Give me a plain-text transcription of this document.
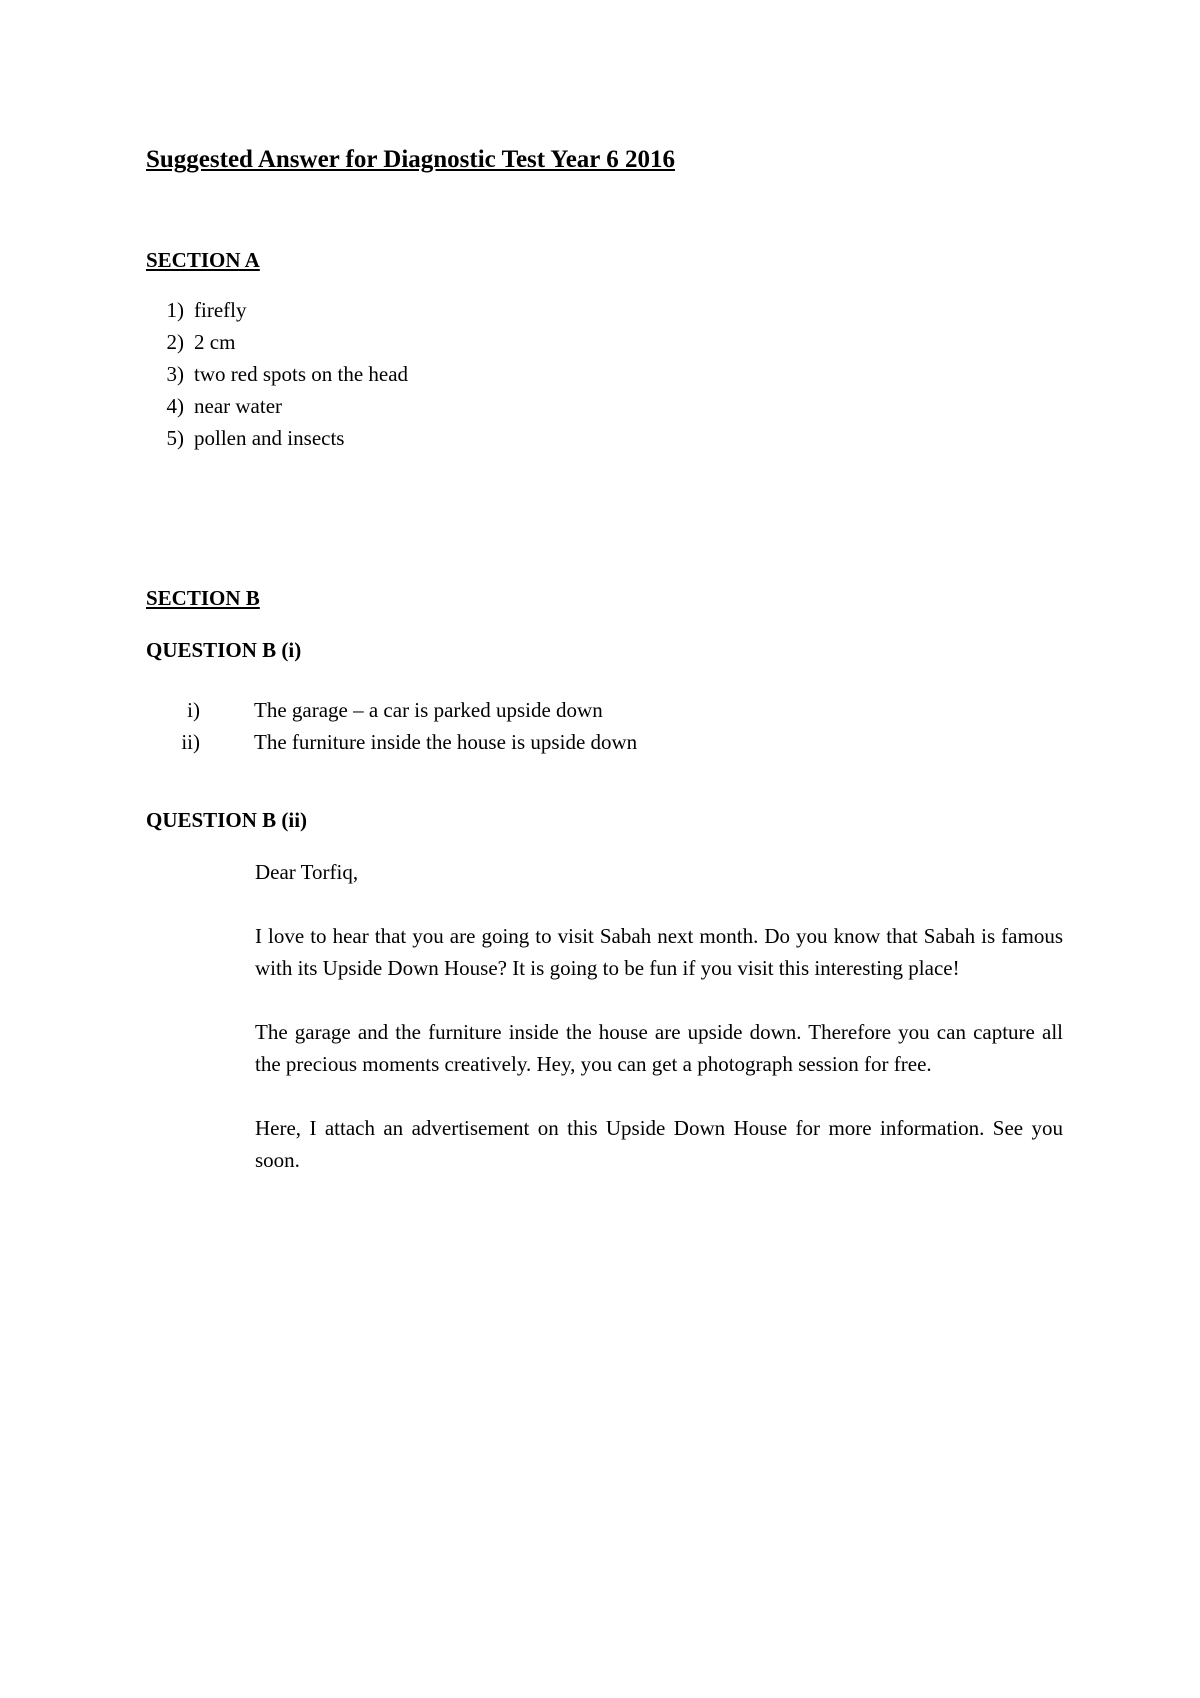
Suggested Answer for Diagnostic Test Year 6 2016
SECTION A
1) firefly
2) 2 cm
3) two red spots on the head
4) near water
5) pollen and insects
SECTION B
QUESTION B (i)
i)	The garage – a car is parked upside down
ii)	The furniture inside the house is upside down
QUESTION B (ii)

Dear Torfiq,

I love to hear that you are going to visit Sabah next month. Do you know that Sabah is famous with its Upside Down House? It is going to be fun if you visit this interesting place!

The garage and the furniture inside the house are upside down. Therefore you can capture all the precious moments creatively. Hey, you can get a photograph session for free.

Here, I attach an advertisement on this Upside Down House for more information. See you soon.
